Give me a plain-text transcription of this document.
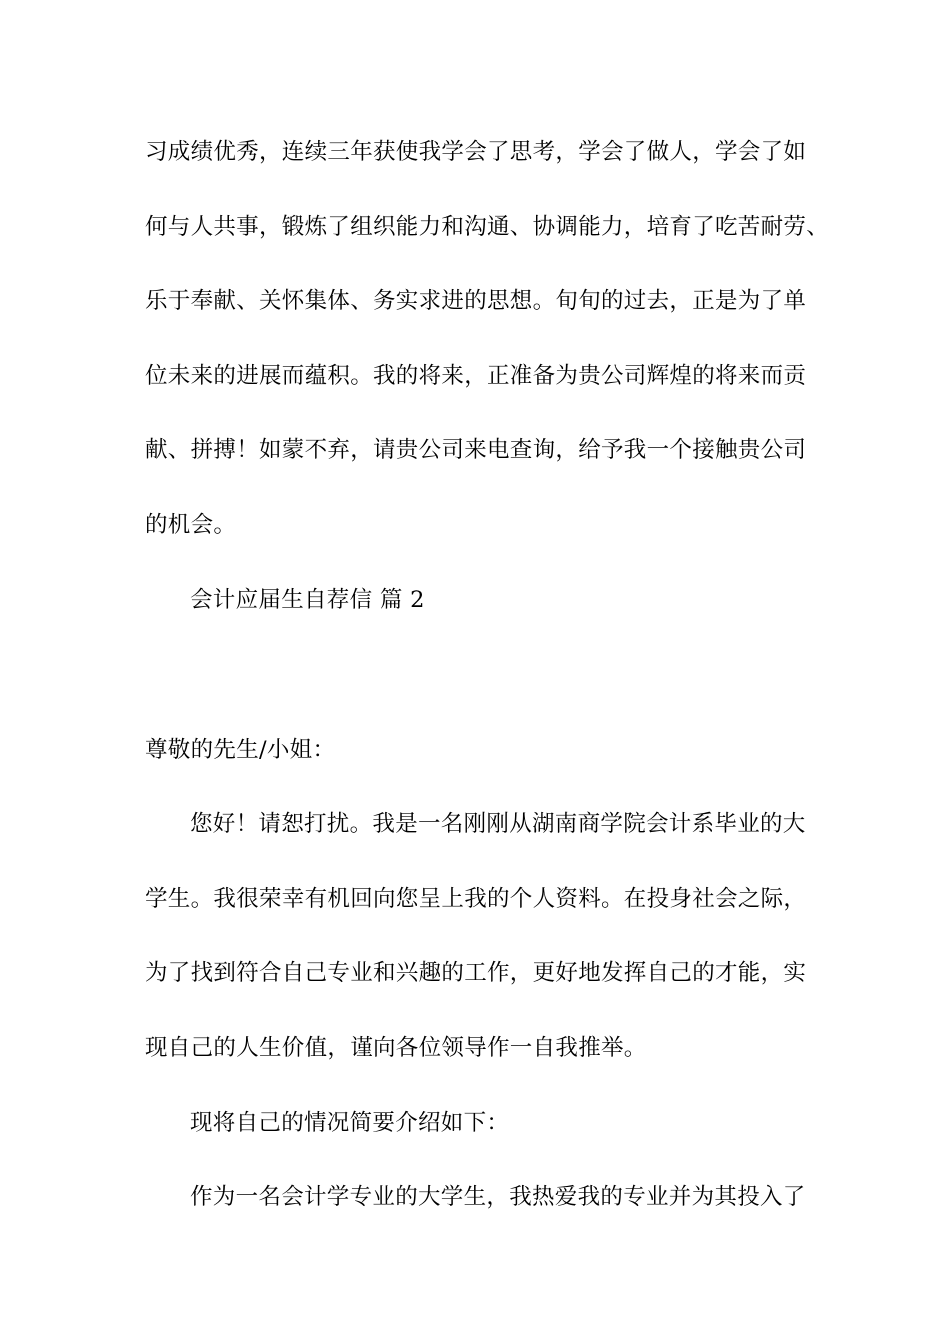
习成绩优秀，连续三年获使我学会了思考，学会了做人，学会了如
何与人共事，锻炼了组织能力和沟通、协调能力，培育了吃苦耐劳、
乐于奉献、关怀集体、务实求进的思想。旬旬的过去，正是为了单
位未来的进展而蕴积。我的将来，正准备为贵公司辉煌的将来而贡
献、拼搏！如蒙不弃，请贵公司来电查询，给予我一个接触贵公司
的机会。
会计应届生自荐信 篇 2
尊敬的先生/小姐：
您好！请恕打扰。我是一名刚刚从湖南商学院会计系毕业的大
学生。我很荣幸有机回向您呈上我的个人资料。在投身社会之际，
为了找到符合自己专业和兴趣的工作，更好地发挥自己的才能，实
现自己的人生价值，谨向各位领导作一自我推举。
现将自己的情况简要介绍如下：
作为一名会计学专业的大学生，我热爱我的专业并为其投入了
